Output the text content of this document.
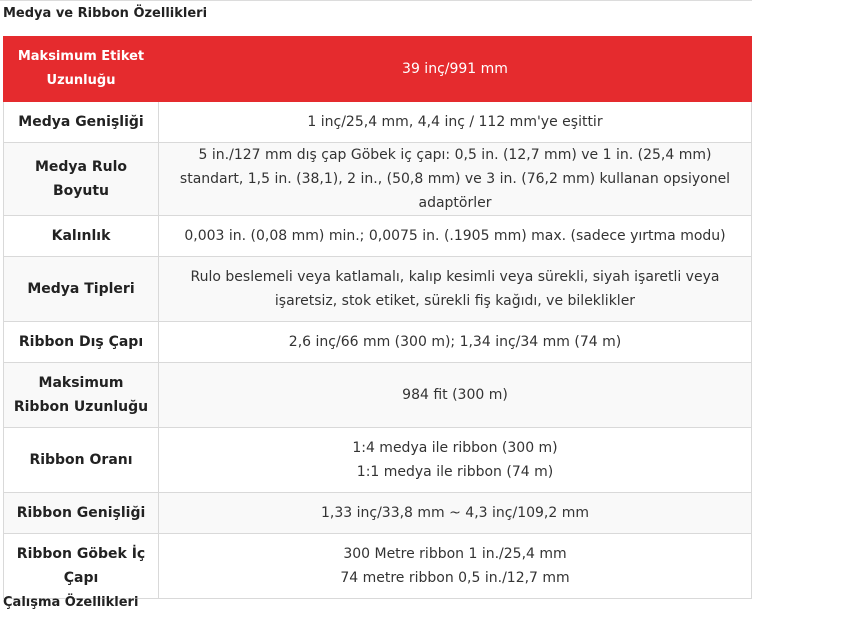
Medya ve Ribbon Özellikleri
Maksimum Etiket Uzunluğu	39 inç/991 mm
Medya Genişliği	1 inç/25,4 mm, 4,4 inç / 112 mm'ye eşittir
Medya Rulo Boyutu	5 in./127 mm dış çap Göbek iç çapı: 0,5 in. (12,7 mm) ve 1 in. (25,4 mm) standart, 1,5 in. (38,1), 2 in., (50,8 mm) ve 3 in. (76,2 mm) kullanan opsiyonel adaptörler
Kalınlık	0,003 in. (0,08 mm) min.; 0,0075 in. (.1905 mm) max. (sadece yırtma modu)
Medya Tipleri	Rulo beslemeli veya katlamalı, kalıp kesimli veya sürekli, siyah işaretli veya işaretsiz, stok etiket, sürekli fiş kağıdı, ve bileklikler
Ribbon Dış Çapı	2,6 inç/66 mm (300 m); 1,34 inç/34 mm (74 m)
Maksimum Ribbon Uzunluğu	984 fit (300 m)
Ribbon Oranı	1:4 medya ile ribbon (300 m)
1:1 medya ile ribbon (74 m)

Ribbon Genişliği	1,33 inç/33,8 mm ~ 4,3 inç/109,2 mm
Ribbon Göbek İç Çapı	300 Metre ribbon 1 in./25,4 mm
74 metre ribbon 0,5 in./12,7 mm
Çalışma Özellikleri
